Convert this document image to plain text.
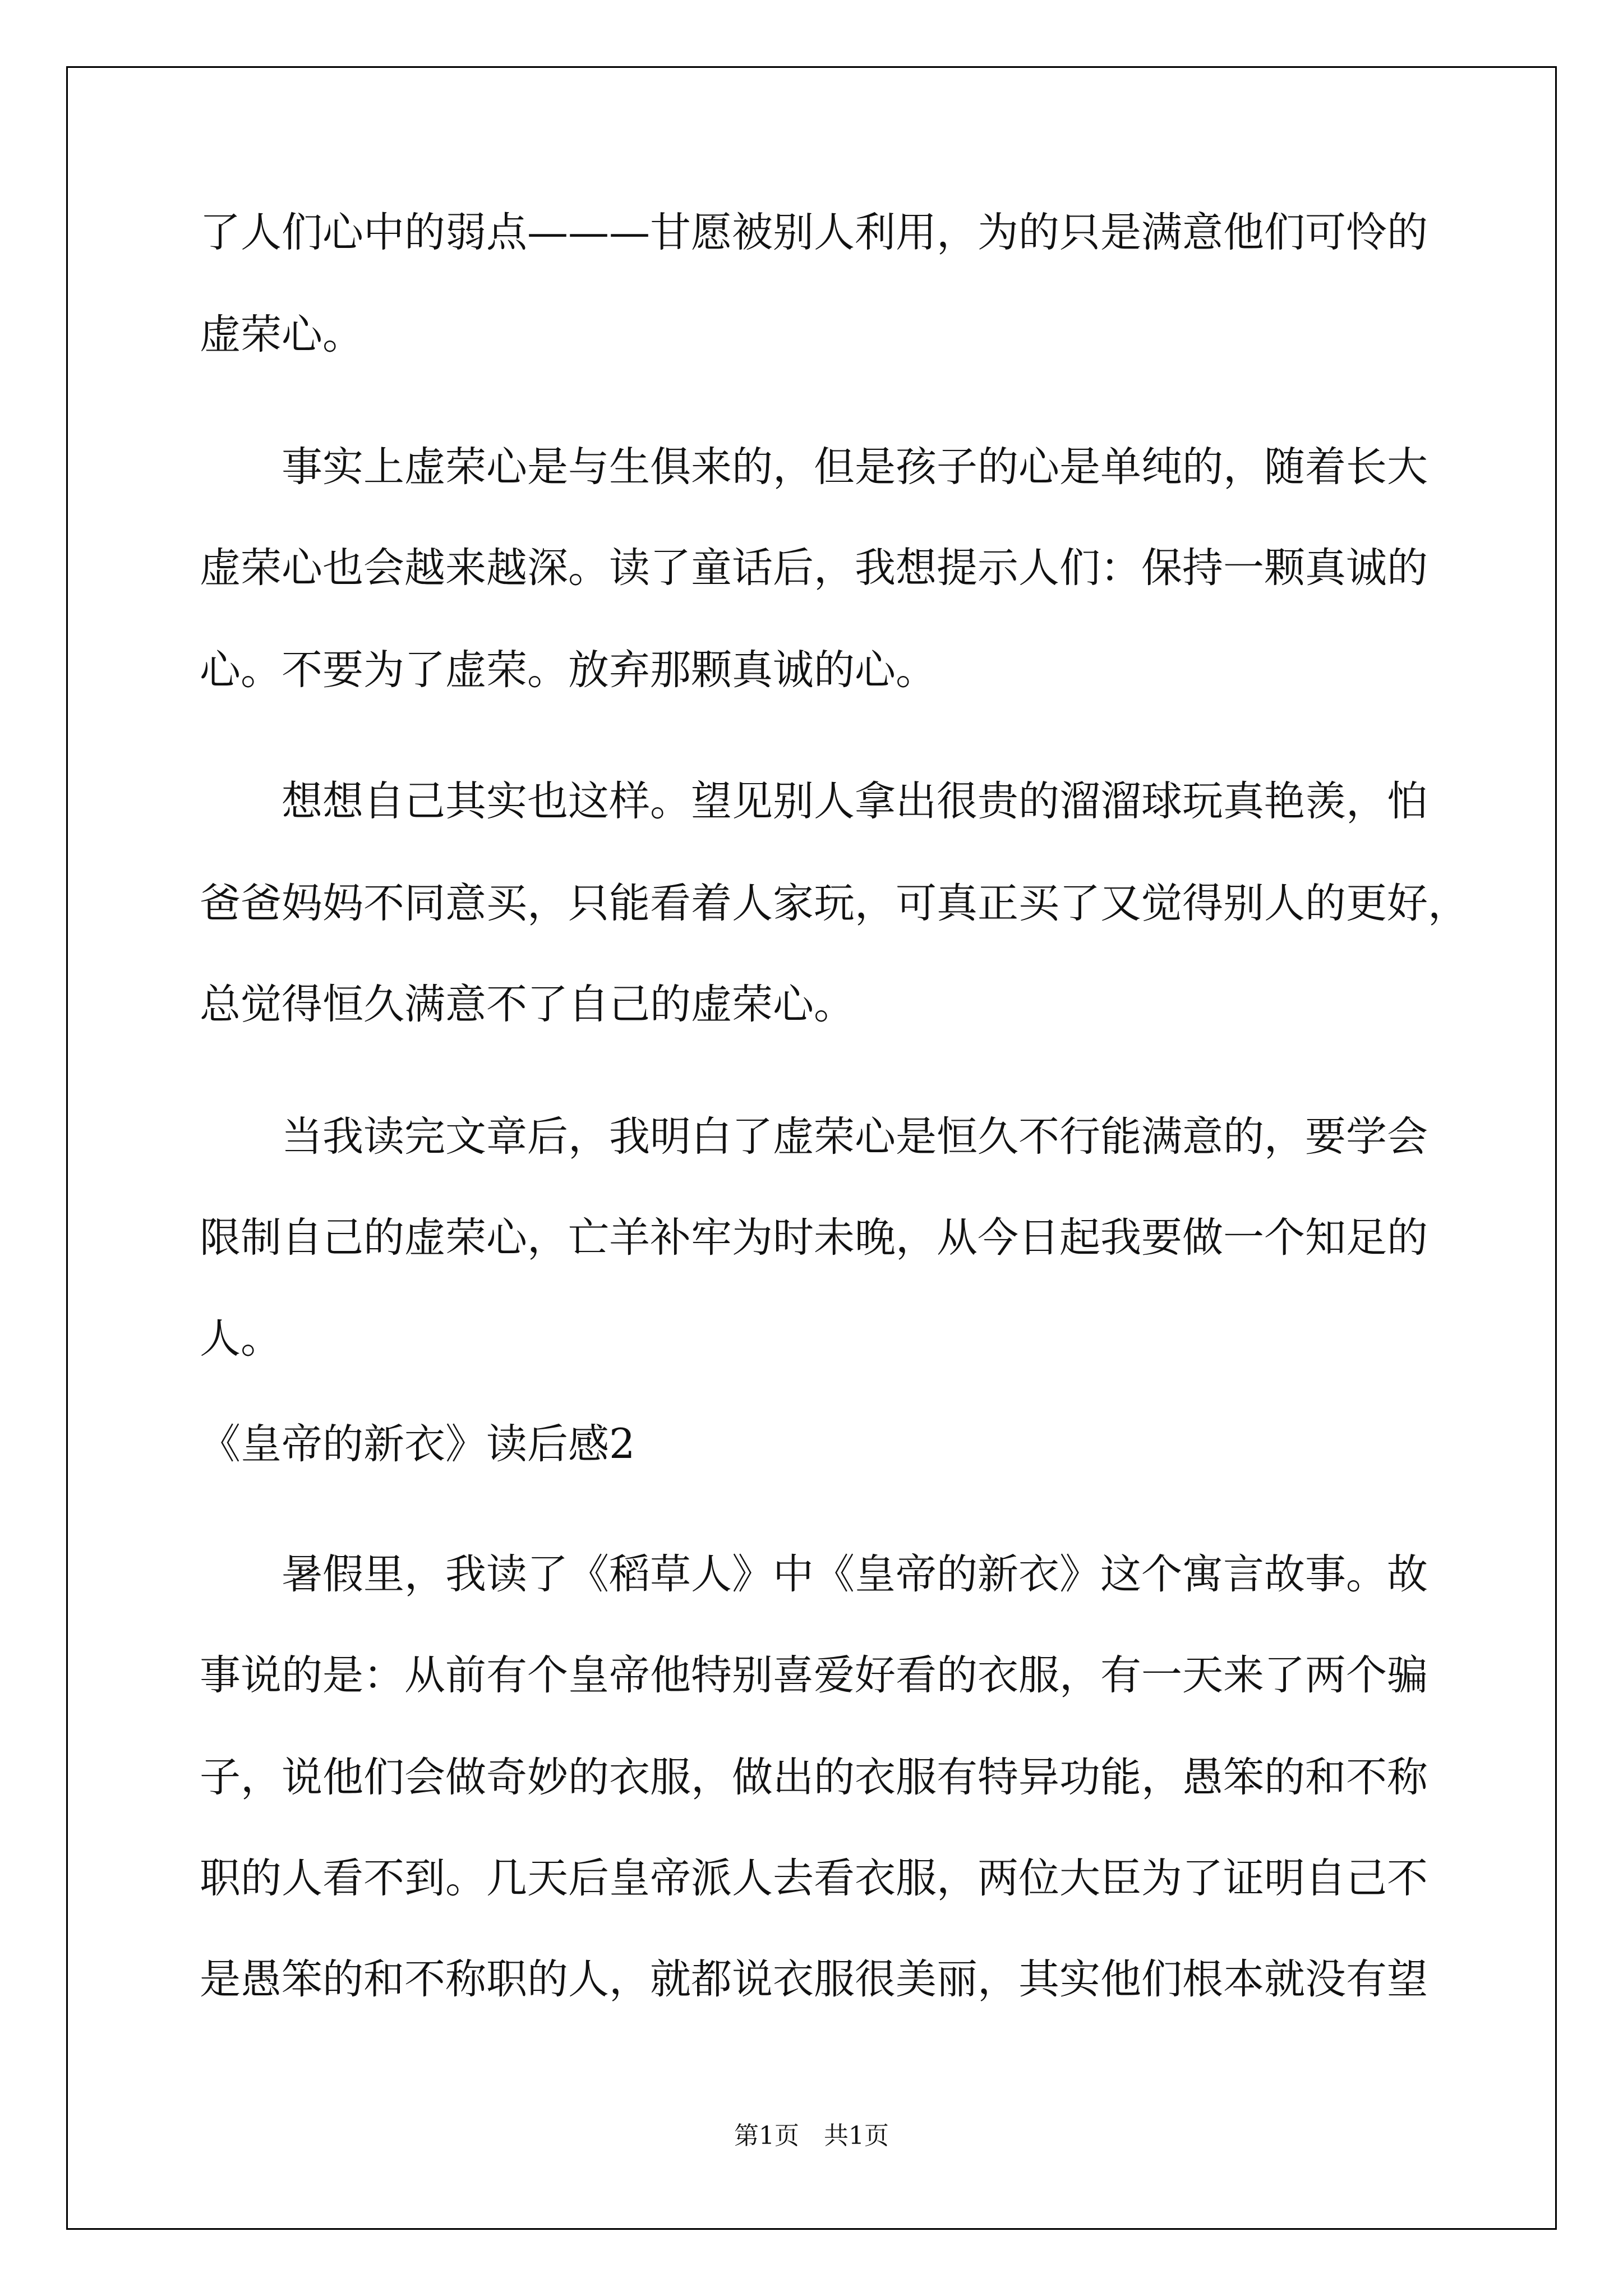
了人们心中的弱点———甘愿被别人利用，为的只是满意他们可怜的
虚荣心。
　　事实上虚荣心是与生俱来的，但是孩子的心是单纯的，随着长大
虚荣心也会越来越深。读了童话后，我想提示人们：保持一颗真诚的
心。不要为了虚荣。放弃那颗真诚的心。
　　想想自己其实也这样。望见别人拿出很贵的溜溜球玩真艳羡，怕
爸爸妈妈不同意买，只能看着人家玩，可真正买了又觉得别人的更好，
总觉得恒久满意不了自己的虚荣心。
　　当我读完文章后，我明白了虚荣心是恒久不行能满意的，要学会
限制自己的虚荣心，亡羊补牢为时未晚，从今日起我要做一个知足的
人。
《皇帝的新衣》读后感2
　　暑假里，我读了《稻草人》中《皇帝的新衣》这个寓言故事。故
事说的是：从前有个皇帝他特别喜爱好看的衣服，有一天来了两个骗
子，说他们会做奇妙的衣服，做出的衣服有特异功能，愚笨的和不称
职的人看不到。几天后皇帝派人去看衣服，两位大臣为了证明自己不
是愚笨的和不称职的人，就都说衣服很美丽，其实他们根本就没有望
第1页　共1页
